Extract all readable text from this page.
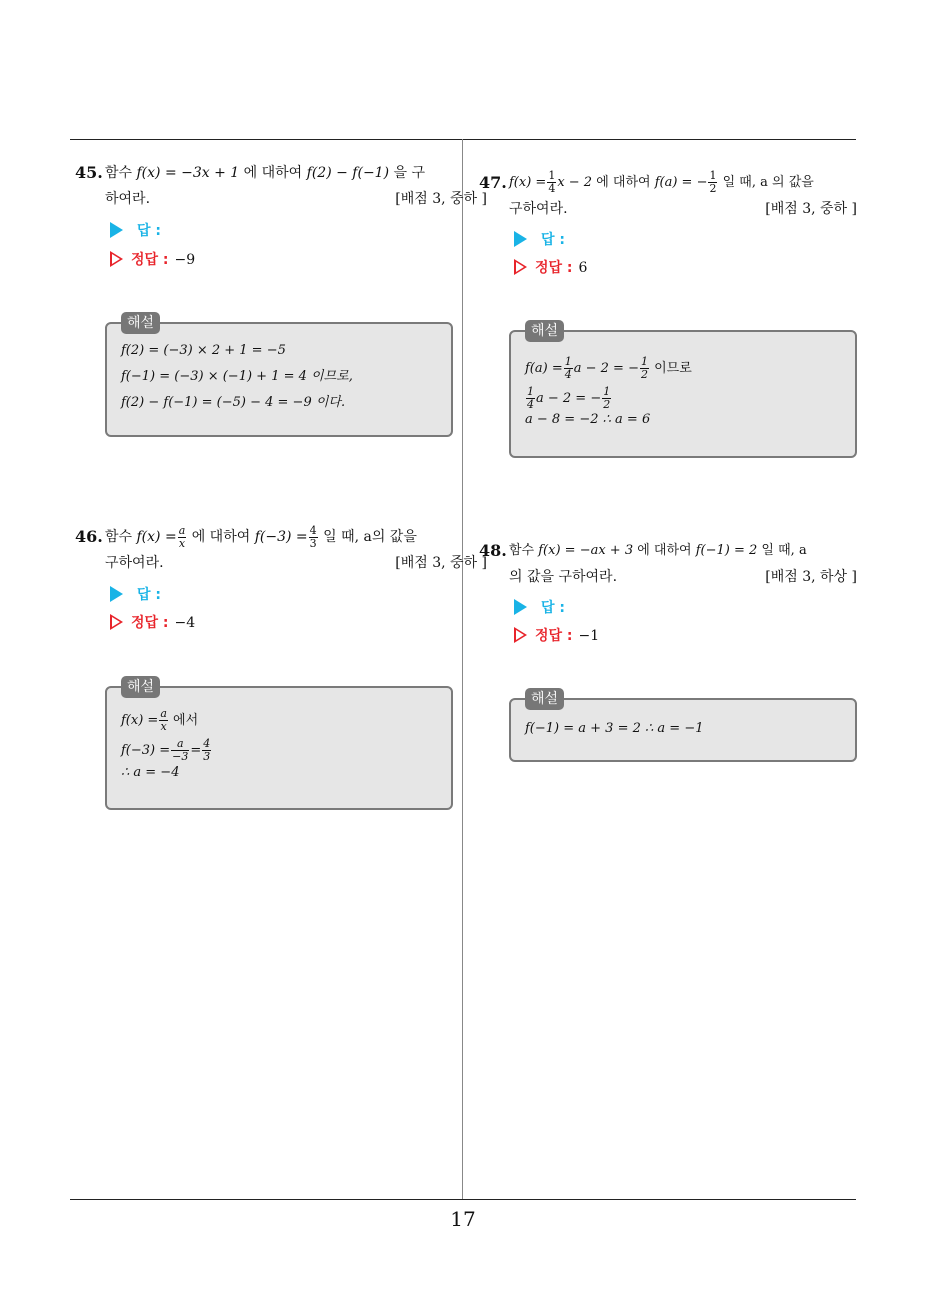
17
45. 함수 f(x) = −3x + 1 에 대하여 f(2) − f(−1) 을 구
하여라.	[배점 3, 중하 ]
답 :
정답 : −9
해설
f(2) = (−3) × 2 + 1 = −5
f(−1) = (−3) × (−1) + 1 = 4 이므로,
f(2) − f(−1) = (−5) − 4 = −9 이다.
46. 함수 $f(x) = \frac{a}{x}$ 에 대하여 $f(-3) = \frac{4}{3}$ 일 때, a의 값을
구하여라.	[배점 3, 중하 ]
답 :
정답 : −4
해설
$f(x) = \frac{a}{x}$ 에서
$f(-3) = \frac{a}{-3} = \frac{4}{3}$
∴ a = −4
47. $f(x) = \frac{1}{4}$ x − 2 에 대하여 f(a) = − $\frac{1}{2}$ 일 때, a 의 값을
구하여라.	[배점 3, 중하 ]
답 :
정답 : 6
해설
$f(a) = \frac{1}{4}$ a − 2 = − $\frac{1}{2}$ 이므로
$\frac{1}{4}$ a − 2 = − $\frac{1}{2}$
a − 8 = −2 ∴ a = 6
48. 함수 f(x) = −ax + 3 에 대하여 f(−1) = 2 일 때, a
의 값을 구하여라.	[배점 3, 하상 ]
답 :
정답 : −1
해설
f(−1) = a + 3 = 2 ∴ a = −1
